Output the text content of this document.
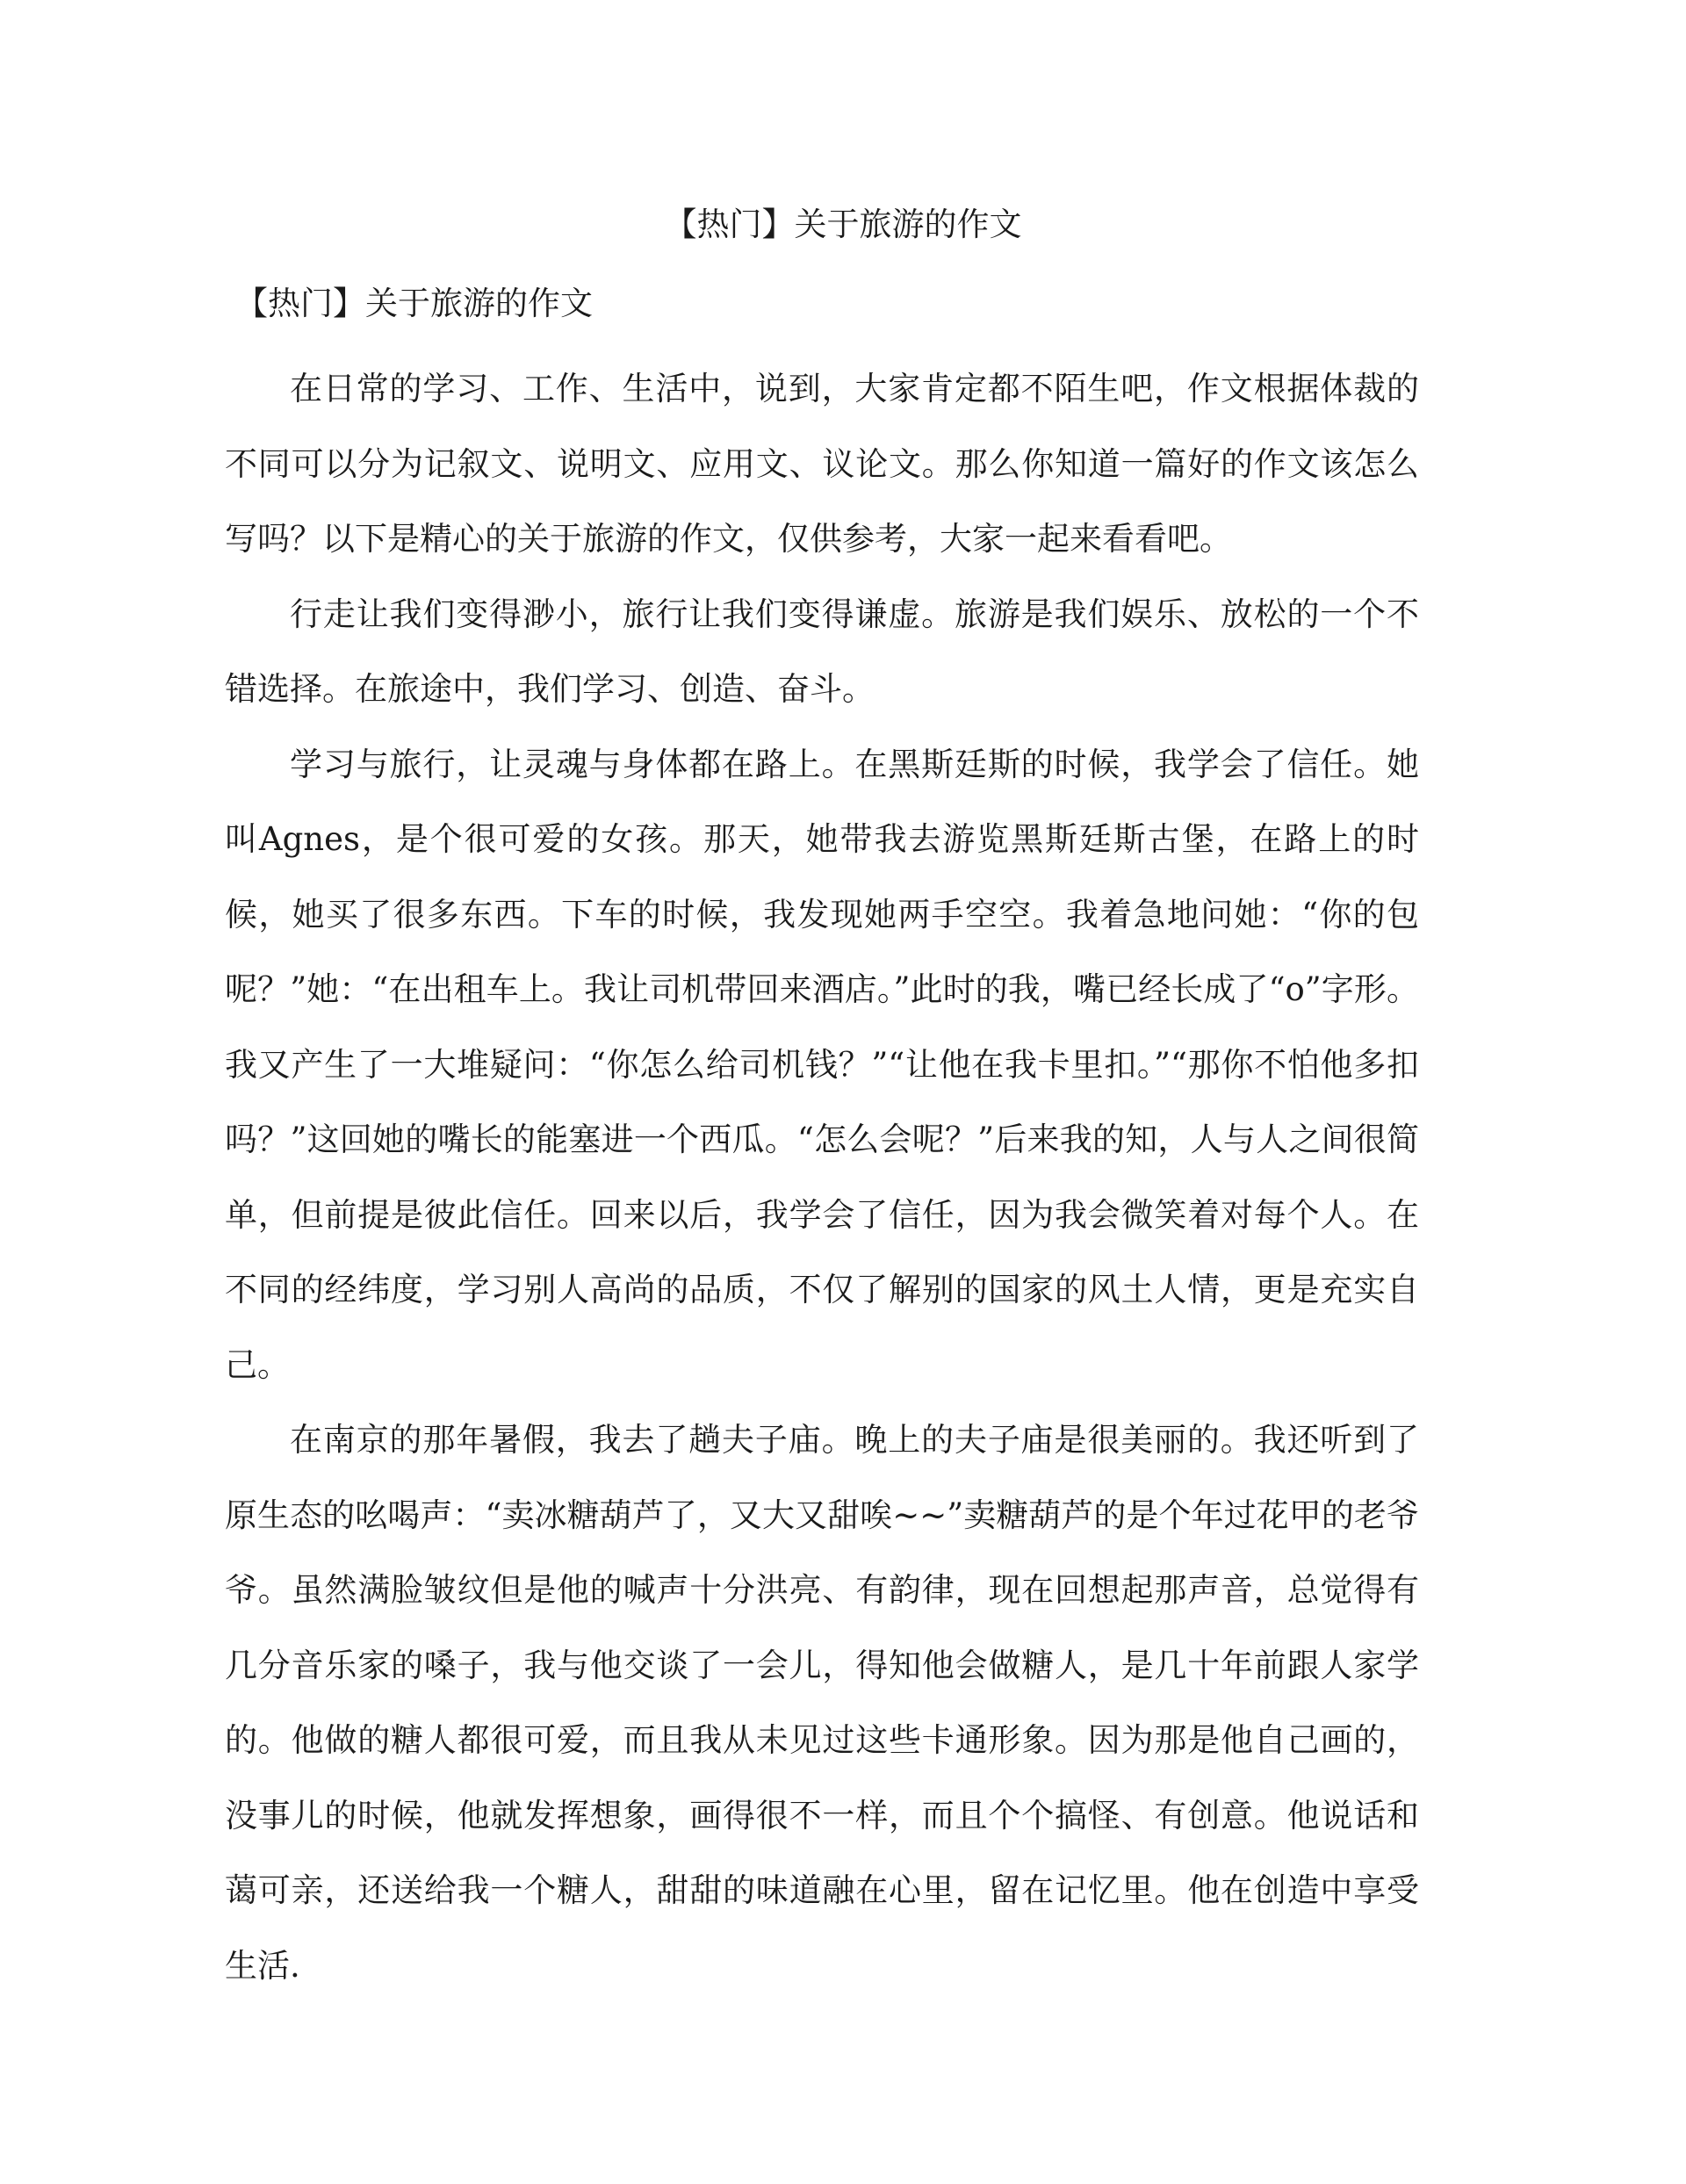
【热门】关于旅游的作文
【热门】关于旅游的作文

在日常的学习、工作、生活中，说到，大家肯定都不陌生吧，作文根据体裁的不同可以分为记叙文、说明文、应用文、议论文。那么你知道一篇好的作文该怎么写吗？以下是精心的关于旅游的作文，仅供参考，大家一起来看看吧。

行走让我们变得渺小，旅行让我们变得谦虚。旅游是我们娱乐、放松的一个不错选择。在旅途中，我们学习、创造、奋斗。

学习与旅行，让灵魂与身体都在路上。在黑斯廷斯的时候，我学会了信任。她叫Agnes，是个很可爱的女孩。那天，她带我去游览黑斯廷斯古堡，在路上的时候，她买了很多东西。下车的时候，我发现她两手空空。我着急地问她：“你的包呢？”她：“在出租车上。我让司机带回来酒店。”此时的我，嘴已经长成了“o”字形。我又产生了一大堆疑问：“你怎么给司机钱？”“让他在我卡里扣。”“那你不怕他多扣吗？”这回她的嘴长的能塞进一个西瓜。“怎么会呢？”后来我的知，人与人之间很简单，但前提是彼此信任。回来以后，我学会了信任，因为我会微笑着对每个人。在不同的经纬度，学习别人高尚的品质，不仅了解别的国家的风土人情，更是充实自己。

在南京的那年暑假，我去了趟夫子庙。晚上的夫子庙是很美丽的。我还听到了原生态的吆喝声：“卖冰糖葫芦了，又大又甜唉~~”卖糖葫芦的是个年过花甲的老爷爷。虽然满脸皱纹但是他的喊声十分洪亮、有韵律，现在回想起那声音，总觉得有几分音乐家的嗓子，我与他交谈了一会儿，得知他会做糖人，是几十年前跟人家学的。他做的糖人都很可爱，而且我从未见过这些卡通形象。因为那是他自己画的，没事儿的时候，他就发挥想象，画得很不一样，而且个个搞怪、有创意。他说话和蔼可亲，还送给我一个糖人，甜甜的味道融在心里，留在记忆里。他在创造中享受生活.
